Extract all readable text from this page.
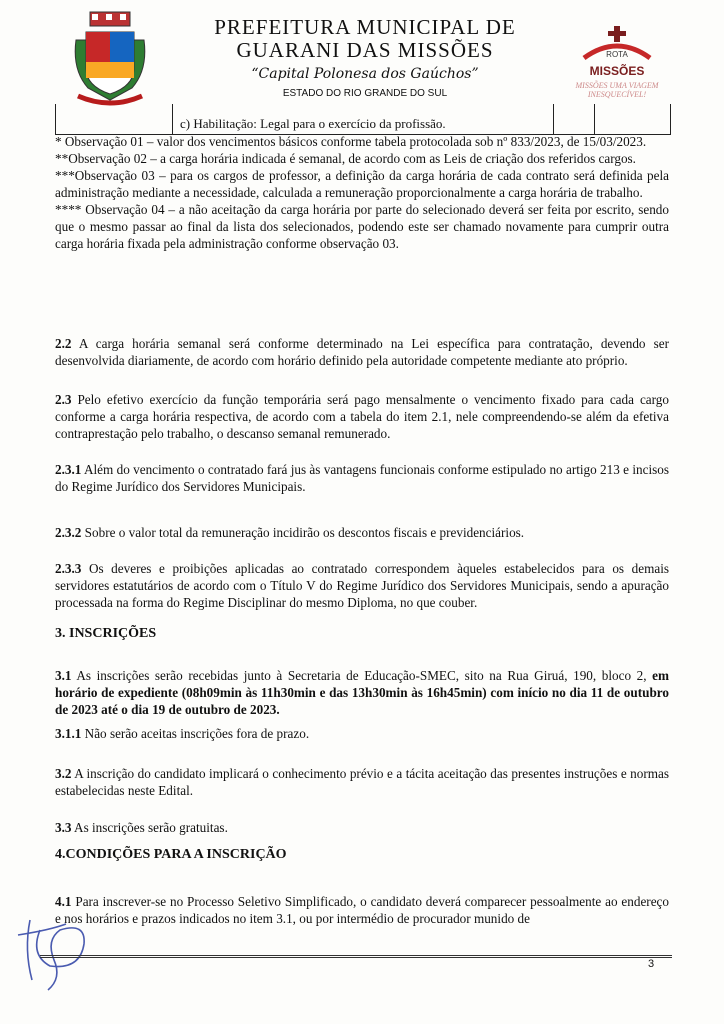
PREFEITURA MUNICIPAL DE
GUARANI DAS MISSÕES
“Capital Polonesa dos Gaúchos”
ESTADO DO RIO GRANDE DO SUL
ROTA
MISSÕES
MISSÕES UMA VIAGEM
INESQUECÍVEL!
c) Habilitação: Legal para o exercício da profissão.

* Observação 01 – valor dos vencimentos básicos conforme tabela protocolada sob nº 833/2023, de 15/03/2023.

**Observação 02 – a carga horária indicada é semanal, de acordo com as Leis de criação dos referidos cargos.

***Observação 03 – para os cargos de professor, a definição da carga horária de cada contrato será definida pela administração mediante a necessidade, calculada a remuneração proporcionalmente a carga horária de trabalho.

**** Observação 04 – a não aceitação da carga horária por parte do selecionado deverá ser feita por escrito, sendo que o mesmo passar ao final da lista dos selecionados, podendo este ser chamado novamente para cumprir outra carga horária fixada pela administração conforme observação 03.

2.2 A carga horária semanal será conforme determinado na Lei específica para contratação, devendo ser desenvolvida diariamente, de acordo com horário definido pela autoridade competente mediante ato próprio.

2.3 Pelo efetivo exercício da função temporária será pago mensalmente o vencimento fixado para cada cargo conforme a carga horária respectiva, de acordo com a tabela do item 2.1, nele compreendendo-se além da efetiva contraprestação pelo trabalho, o descanso semanal remunerado.

2.3.1 Além do vencimento o contratado fará jus às vantagens funcionais conforme estipulado no artigo 213 e incisos do Regime Jurídico dos Servidores Municipais.

2.3.2 Sobre o valor total da remuneração incidirão os descontos fiscais e previdenciários.

2.3.3 Os deveres e proibições aplicadas ao contratado correspondem àqueles estabelecidos para os demais servidores estatutários de acordo com o Título V do Regime Jurídico dos Servidores Municipais, sendo a apuração processada na forma do Regime Disciplinar do mesmo Diploma, no que couber.

3. INSCRIÇÕES

3.1 As inscrições serão recebidas junto à Secretaria de Educação-SMEC, sito na Rua Giruá, 190, bloco 2, em horário de expediente (08h09min às 11h30min e das 13h30min às 16h45min) com início no dia 11 de outubro de 2023 até o dia 19 de outubro de 2023.

3.1.1 Não serão aceitas inscrições fora de prazo.

3.2 A inscrição do candidato implicará o conhecimento prévio e a tácita aceitação das presentes instruções e normas estabelecidas neste Edital.

3.3 As inscrições serão gratuitas.

4.CONDIÇÕES PARA A INSCRIÇÃO

4.1 Para inscrever-se no Processo Seletivo Simplificado, o candidato deverá comparecer pessoalmente ao endereço e nos horários e prazos indicados no item 3.1, ou por intermédio de procurador munido de

3
